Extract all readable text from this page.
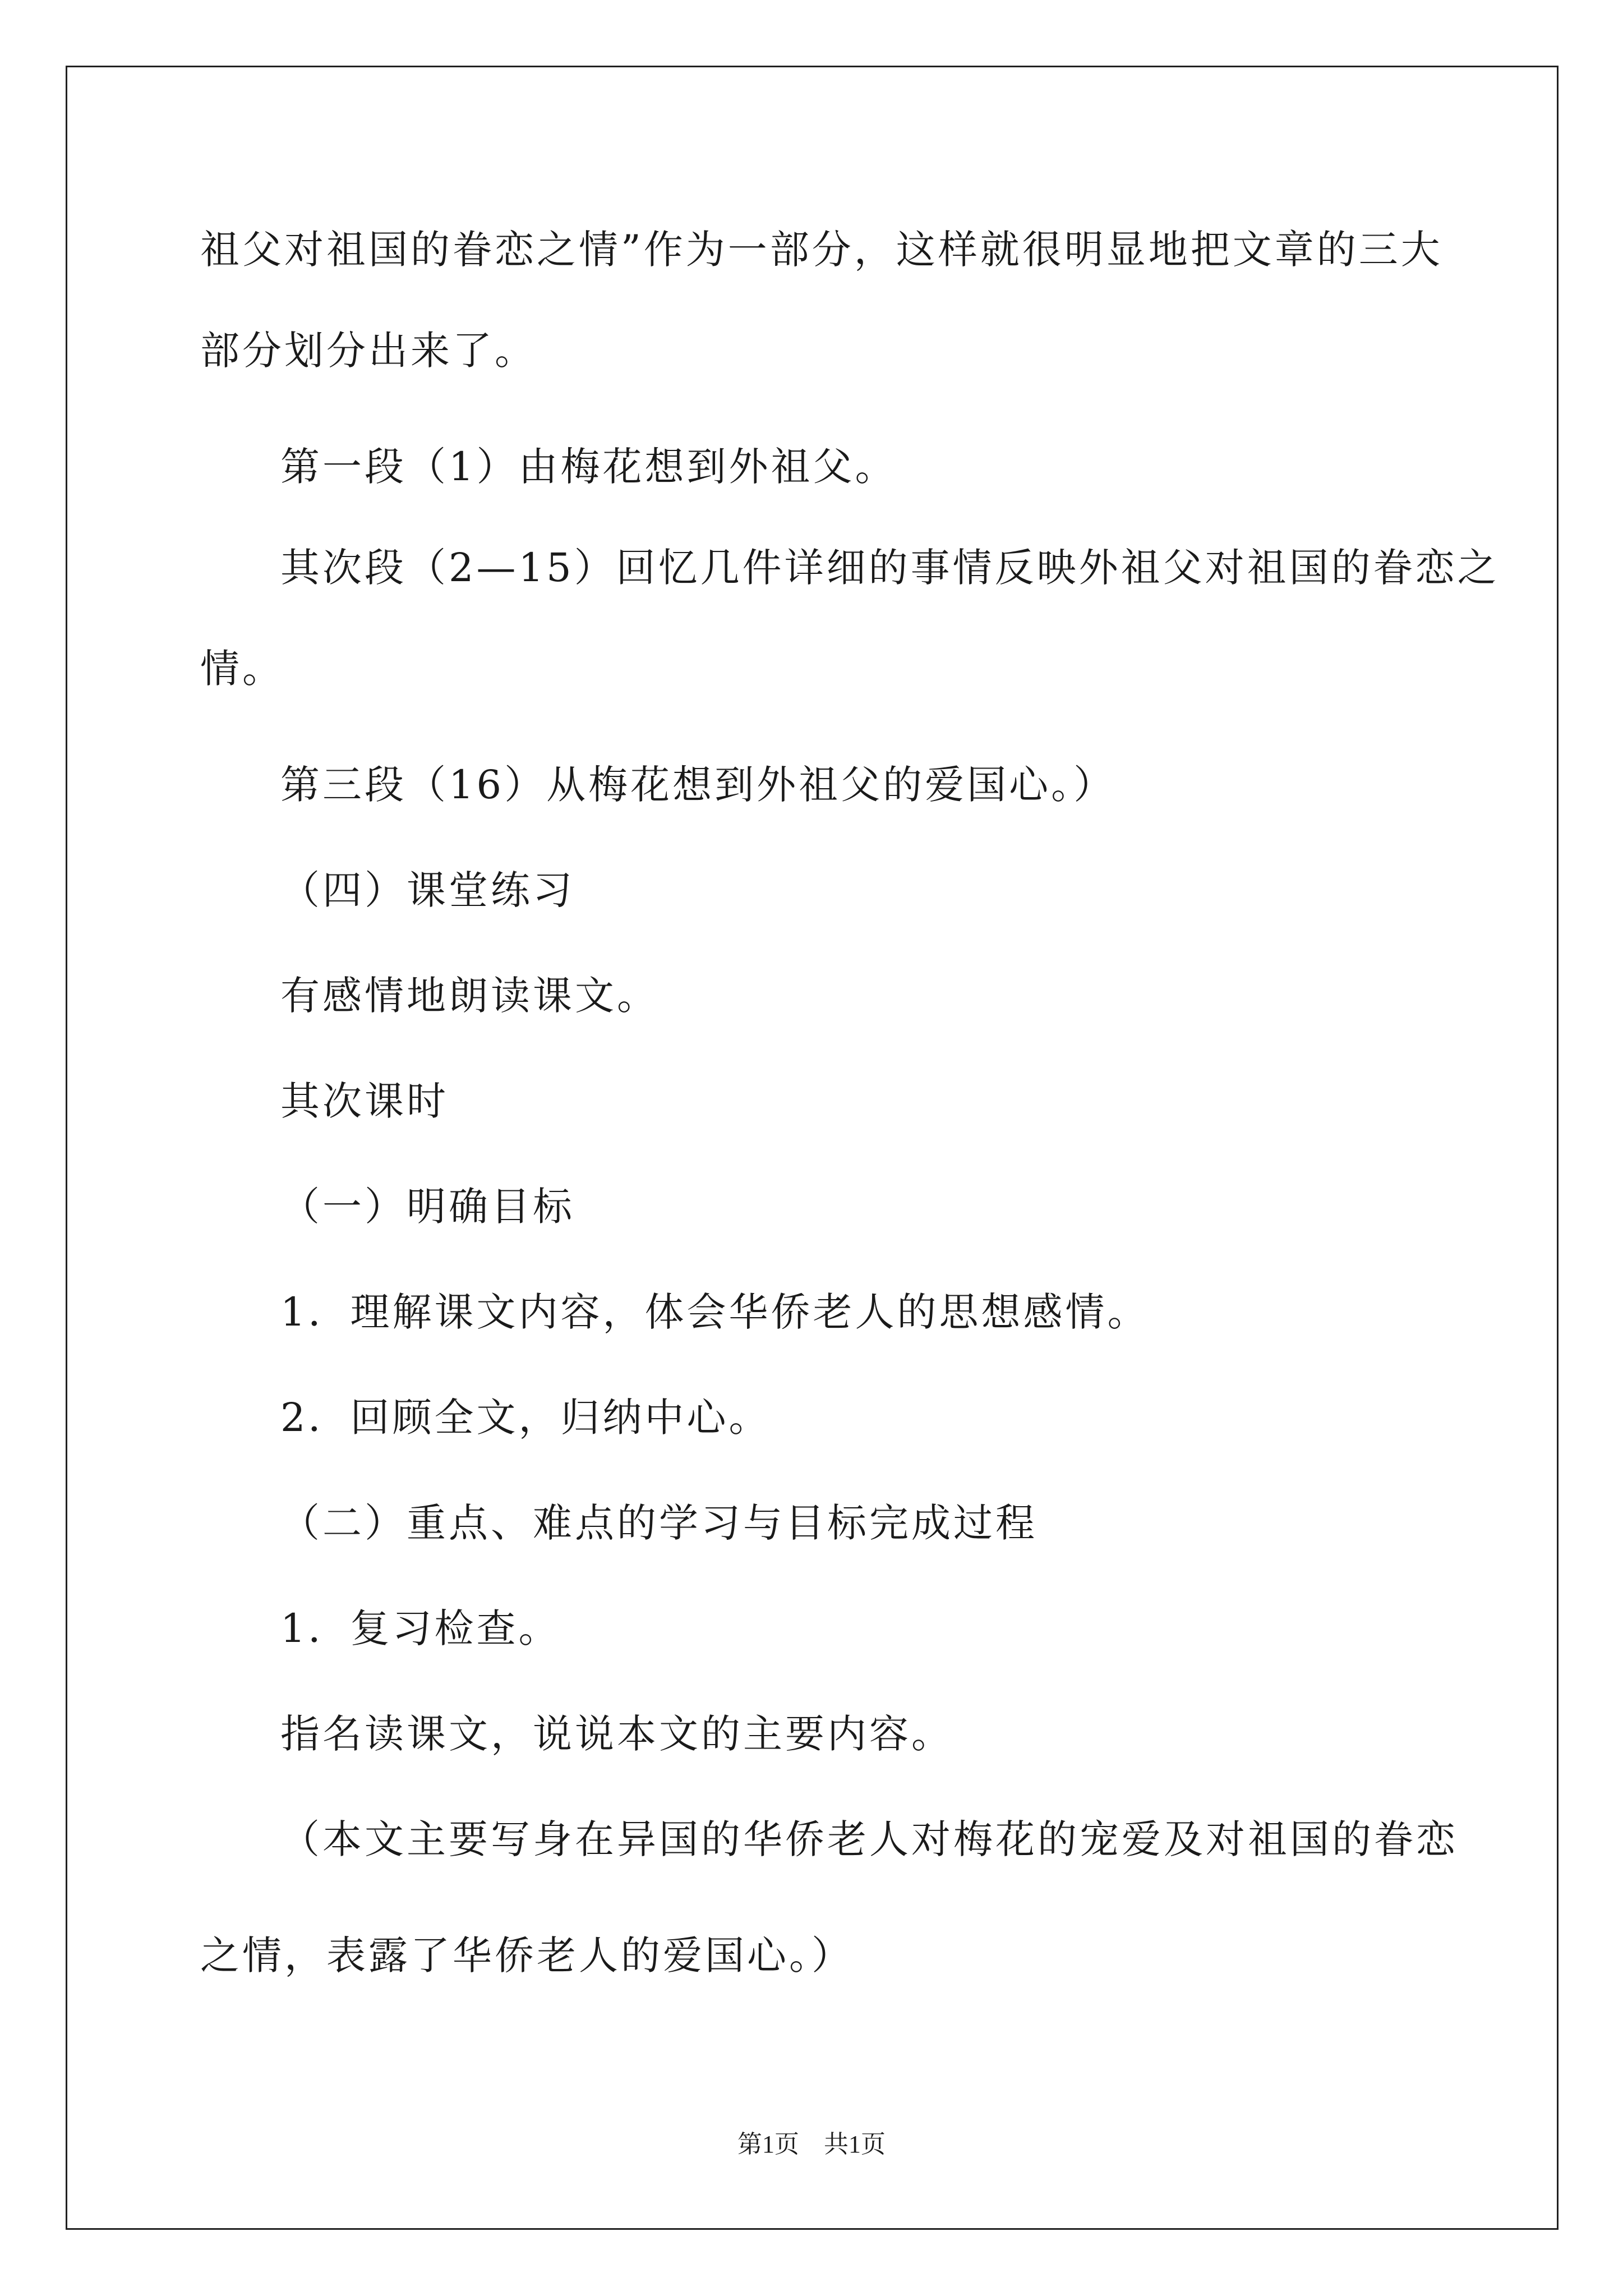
祖父对祖国的眷恋之情”作为一部分，这样就很明显地把文章的三大
部分划分出来了。
第一段（1）由梅花想到外祖父。
其次段（2—15）回忆几件详细的事情反映外祖父对祖国的眷恋之
情。
第三段（16）从梅花想到外祖父的爱国心。）
（四）课堂练习
有感情地朗读课文。
其次课时
（一）明确目标
1．理解课文内容，体会华侨老人的思想感情。
2．回顾全文，归纳中心。
（二）重点、难点的学习与目标完成过程
1．复习检查。
指名读课文，说说本文的主要内容。
（本文主要写身在异国的华侨老人对梅花的宠爱及对祖国的眷恋
之情，表露了华侨老人的爱国心。）
第1页　共1页
